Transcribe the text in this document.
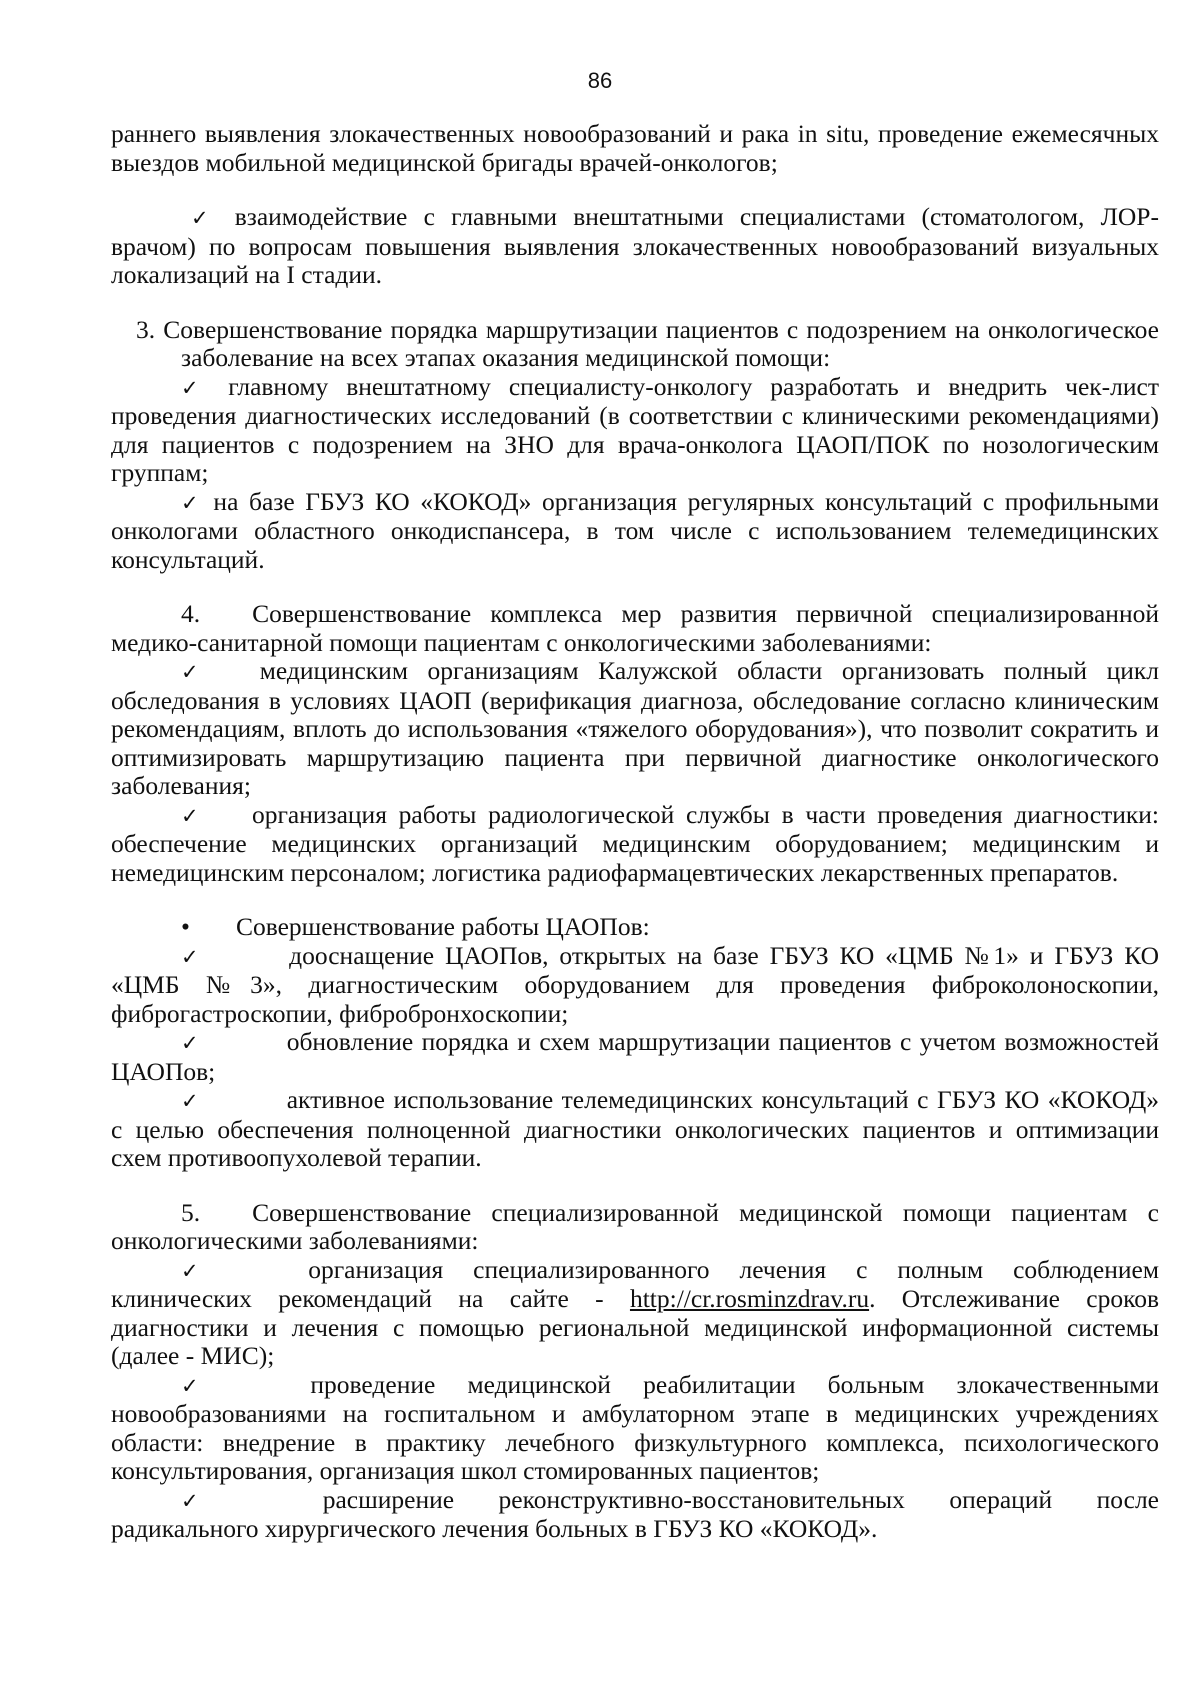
86

раннего выявления злокачественных новообразований и рака in situ, проведение ежемесячных выездов мобильной медицинской бригады врачей-онкологов;

✓ взаимодействие с главными внештатными специалистами (стоматологом, ЛОР-врачом) по вопросам повышения выявления злокачественных новообразований визуальных локализаций на I стадии.

3. Совершенствование порядка маршрутизации пациентов с подозрением на онкологическое заболевание на всех этапах оказания медицинской помощи:

✓ главному внештатному специалисту-онкологу разработать и внедрить чек-лист проведения диагностических исследований (в соответствии с клиническими рекомендациями) для пациентов с подозрением на ЗНО для врача-онколога ЦАОП/ПОК по нозологическим группам;

✓ на базе ГБУЗ КО «КОКОД» организация регулярных консультаций с профильными онкологами областного онкодиспансера, в том числе с использованием телемедицинских консультаций.

4. Совершенствование комплекса мер развития первичной специализированной медико-санитарной помощи пациентам с онкологическими заболеваниями:

✓ медицинским организациям Калужской области организовать полный цикл обследования в условиях ЦАОП (верификация диагноза, обследование согласно клиническим рекомендациям, вплоть до использования «тяжелого оборудования»), что позволит сократить и оптимизировать маршрутизацию пациента при первичной диагностике онкологического заболевания;

✓ организация работы радиологической службы в части проведения диагностики: обеспечение медицинских организаций медицинским оборудованием; медицинским и немедицинским персоналом; логистика радиофармацевтических лекарственных препаратов.

• Совершенствование работы ЦАОПов:

✓	дооснащение ЦАОПов, открытых на базе ГБУЗ КО «ЦМБ №1» и ГБУЗ КО «ЦМБ №3», диагностическим оборудованием для проведения фиброколоноскопии, фиброгастроскопии, фибробронхоскопии;

✓	обновление порядка и схем маршрутизации пациентов с учетом возможностей ЦАОПов;

✓	активное использование телемедицинских консультаций с ГБУЗ КО «КОКОД» с целью обеспечения полноценной диагностики онкологических пациентов и оптимизации схем противоопухолевой терапии.

5. Совершенствование специализированной медицинской помощи пациентам с онкологическими заболеваниями:

✓	организация специализированного лечения с полным соблюдением клинических рекомендаций на сайте - http://cr.rosminzdrav.ru. Отслеживание сроков диагностики и лечения с помощью региональной медицинской информационной системы (далее - МИС);

✓	проведение медицинской реабилитации больным злокачественными новообразованиями на госпитальном и амбулаторном этапе в медицинских учреждениях области: внедрение в практику лечебного физкультурного комплекса, психологического консультирования, организация школ стомированных пациентов;

✓	расширение реконструктивно-восстановительных операций после радикального хирургического лечения больных в ГБУЗ КО «КОКОД».
